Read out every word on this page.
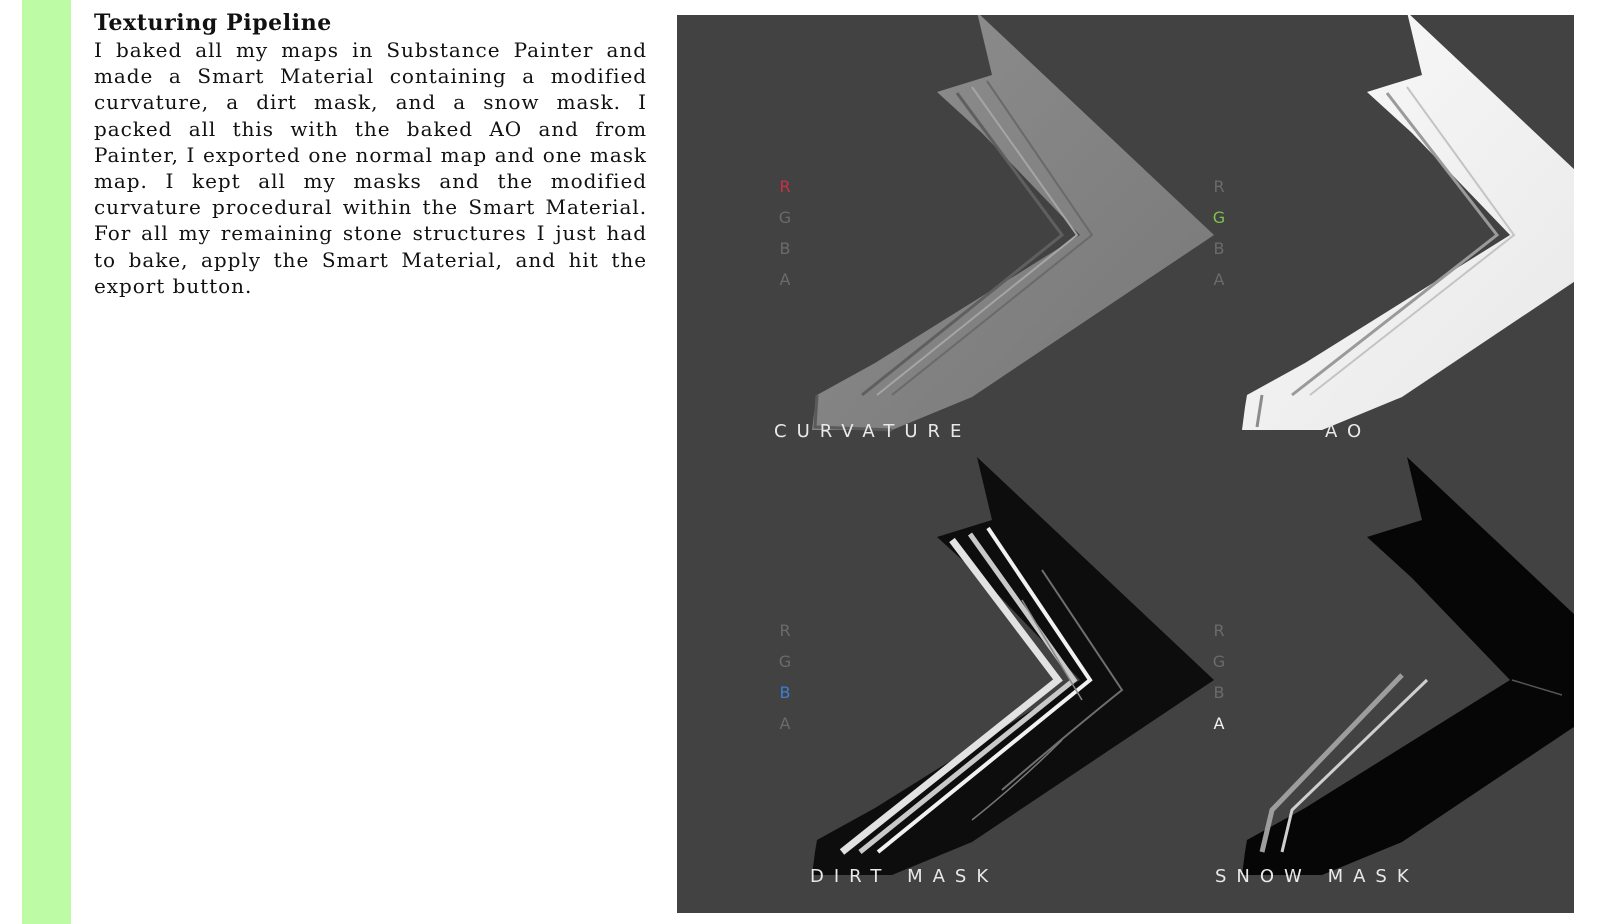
Texturing Pipeline

I baked all my maps in Substance Painter and made a Smart Material containing a modified curvature, a dirt mask, and a snow mask. I packed all this with the baked AO and from Painter, I exported one normal map and one mask map. I kept all my masks and the modified curvature procedural within the Smart Material. For all my remaining stone structures I just had to bake, apply the Smart Material, and hit the export button.

R
G
B
A
R
G
B
A
R
G
B
A
R
G
B
A
CURVATURE	AO
DIRT MASK	SNOW MASK
